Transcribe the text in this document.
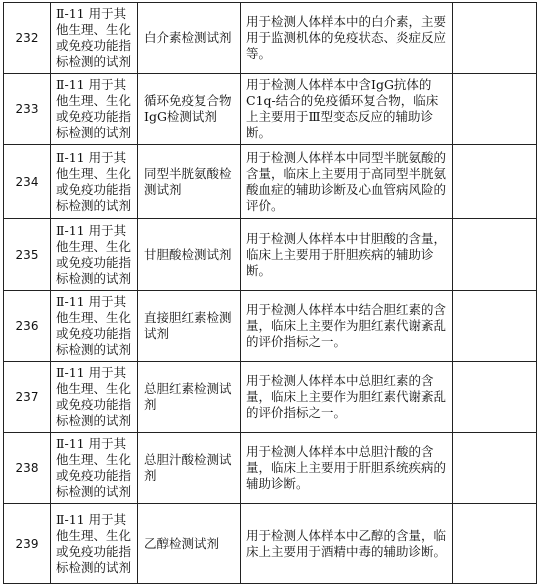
232	Ⅱ-11 用于其
他生理、生化
或免疫功能指
标检测的试剂	白介素检测试剂	用于检测人体样本中的白介素，主要用于监测机体的免疫状态、炎症反应等。	
233	Ⅱ-11 用于其
他生理、生化
或免疫功能指
标检测的试剂	循环免疫复合物IgG检测试剂	用于检测人体样本中含IgG抗体的C1q-结合的免疫循环复合物，临床上主要用于Ⅲ型变态反应的辅助诊断。	
234	Ⅱ-11 用于其
他生理、生化
或免疫功能指
标检测的试剂	同型半胱氨酸检测试剂	用于检测人体样本中同型半胱氨酸的含量，临床上主要用于高同型半胱氨酸血症的辅助诊断及心血管病风险的评价。	
235	Ⅱ-11 用于其
他生理、生化
或免疫功能指
标检测的试剂	甘胆酸检测试剂	用于检测人体样本中甘胆酸的含量，临床上主要用于肝胆疾病的辅助诊断。	
236	Ⅱ-11 用于其
他生理、生化
或免疫功能指
标检测的试剂	直接胆红素检测试剂	用于检测人体样本中结合胆红素的含量，临床上主要作为胆红素代谢紊乱的评价指标之一。	
237	Ⅱ-11 用于其
他生理、生化
或免疫功能指
标检测的试剂	总胆红素检测试剂	用于检测人体样本中总胆红素的含量，临床上主要作为胆红素代谢紊乱的评价指标之一。	
238	Ⅱ-11 用于其
他生理、生化
或免疫功能指
标检测的试剂	总胆汁酸检测试剂	用于检测人体样本中总胆汁酸的含量，临床上主要用于肝胆系统疾病的辅助诊断。	
239	Ⅱ-11 用于其
他生理、生化
或免疫功能指
标检测的试剂	乙醇检测试剂	用于检测人体样本中乙醇的含量，临床上主要用于酒精中毒的辅助诊断。	
